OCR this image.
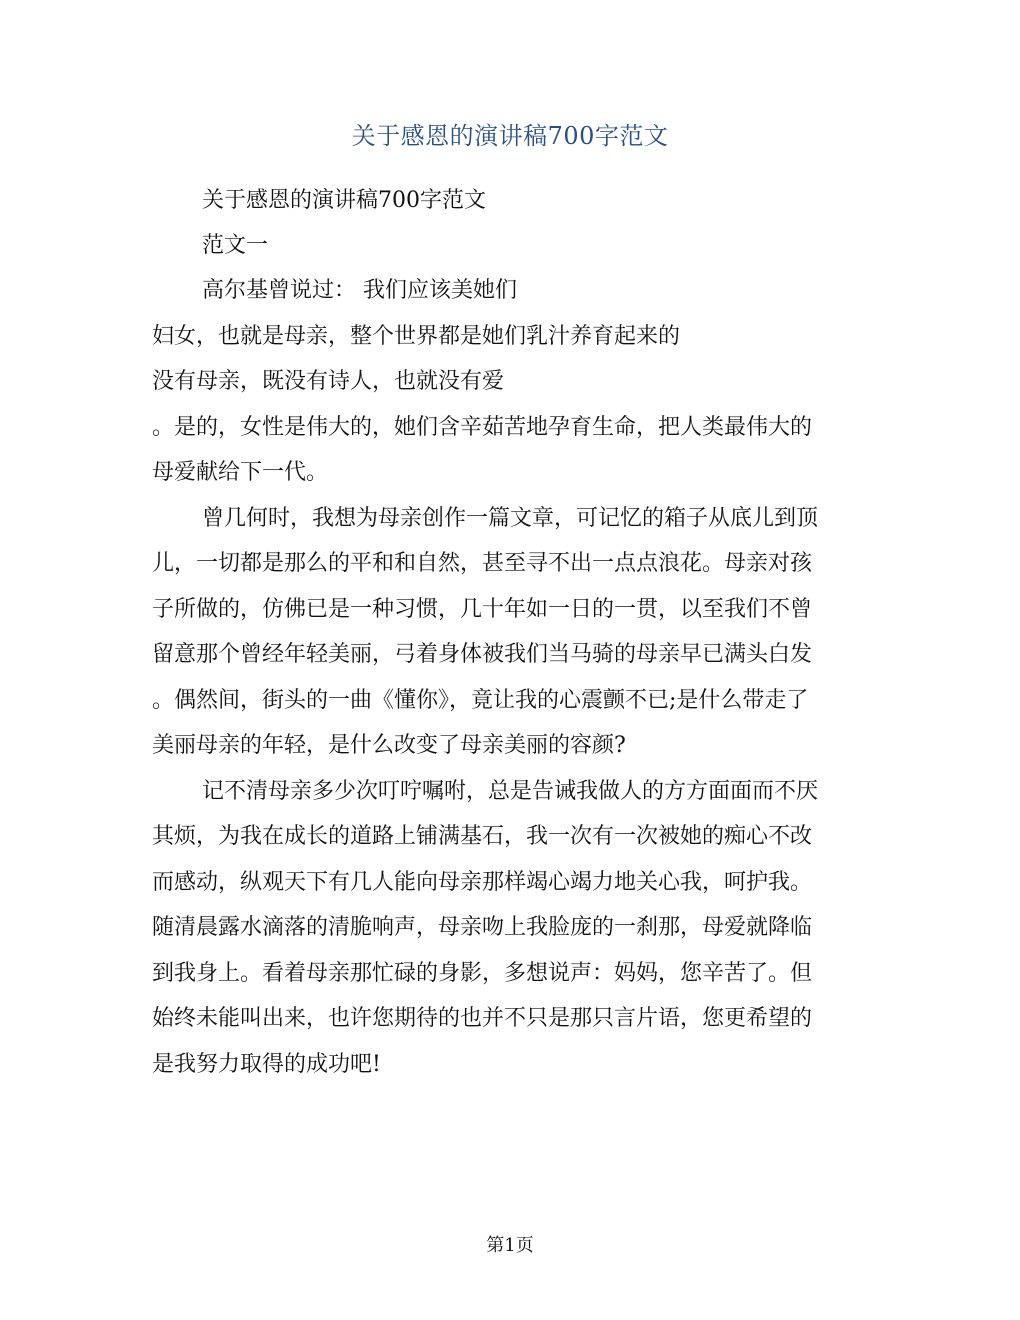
关于感恩的演讲稿700字范文
关于感恩的演讲稿700字范文
范文一
高尔基曾说过： 我们应该美她们
妇女，也就是母亲，整个世界都是她们乳汁养育起来的
没有母亲，既没有诗人，也就没有爱
。是的，女性是伟大的，她们含辛茹苦地孕育生命，把人类最伟大的
母爱献给下一代。
曾几何时，我想为母亲创作一篇文章，可记忆的箱子从底儿到顶
儿，一切都是那么的平和和自然，甚至寻不出一点点浪花。母亲对孩
子所做的，仿佛已是一种习惯，几十年如一日的一贯，以至我们不曾
留意那个曾经年轻美丽，弓着身体被我们当马骑的母亲早已满头白发
。偶然间，街头的一曲《懂你》，竟让我的心震颤不已;是什么带走了
美丽母亲的年轻，是什么改变了母亲美丽的容颜?
记不清母亲多少次叮咛嘱咐，总是告诫我做人的方方面面而不厌
其烦，为我在成长的道路上铺满基石，我一次有一次被她的痴心不改
而感动，纵观天下有几人能向母亲那样竭心竭力地关心我，呵护我。
随清晨露水滴落的清脆响声，母亲吻上我脸庞的一刹那，母爱就降临
到我身上。看着母亲那忙碌的身影，多想说声：妈妈，您辛苦了。但
始终未能叫出来，也许您期待的也并不只是那只言片语，您更希望的
是我努力取得的成功吧!
第1页
